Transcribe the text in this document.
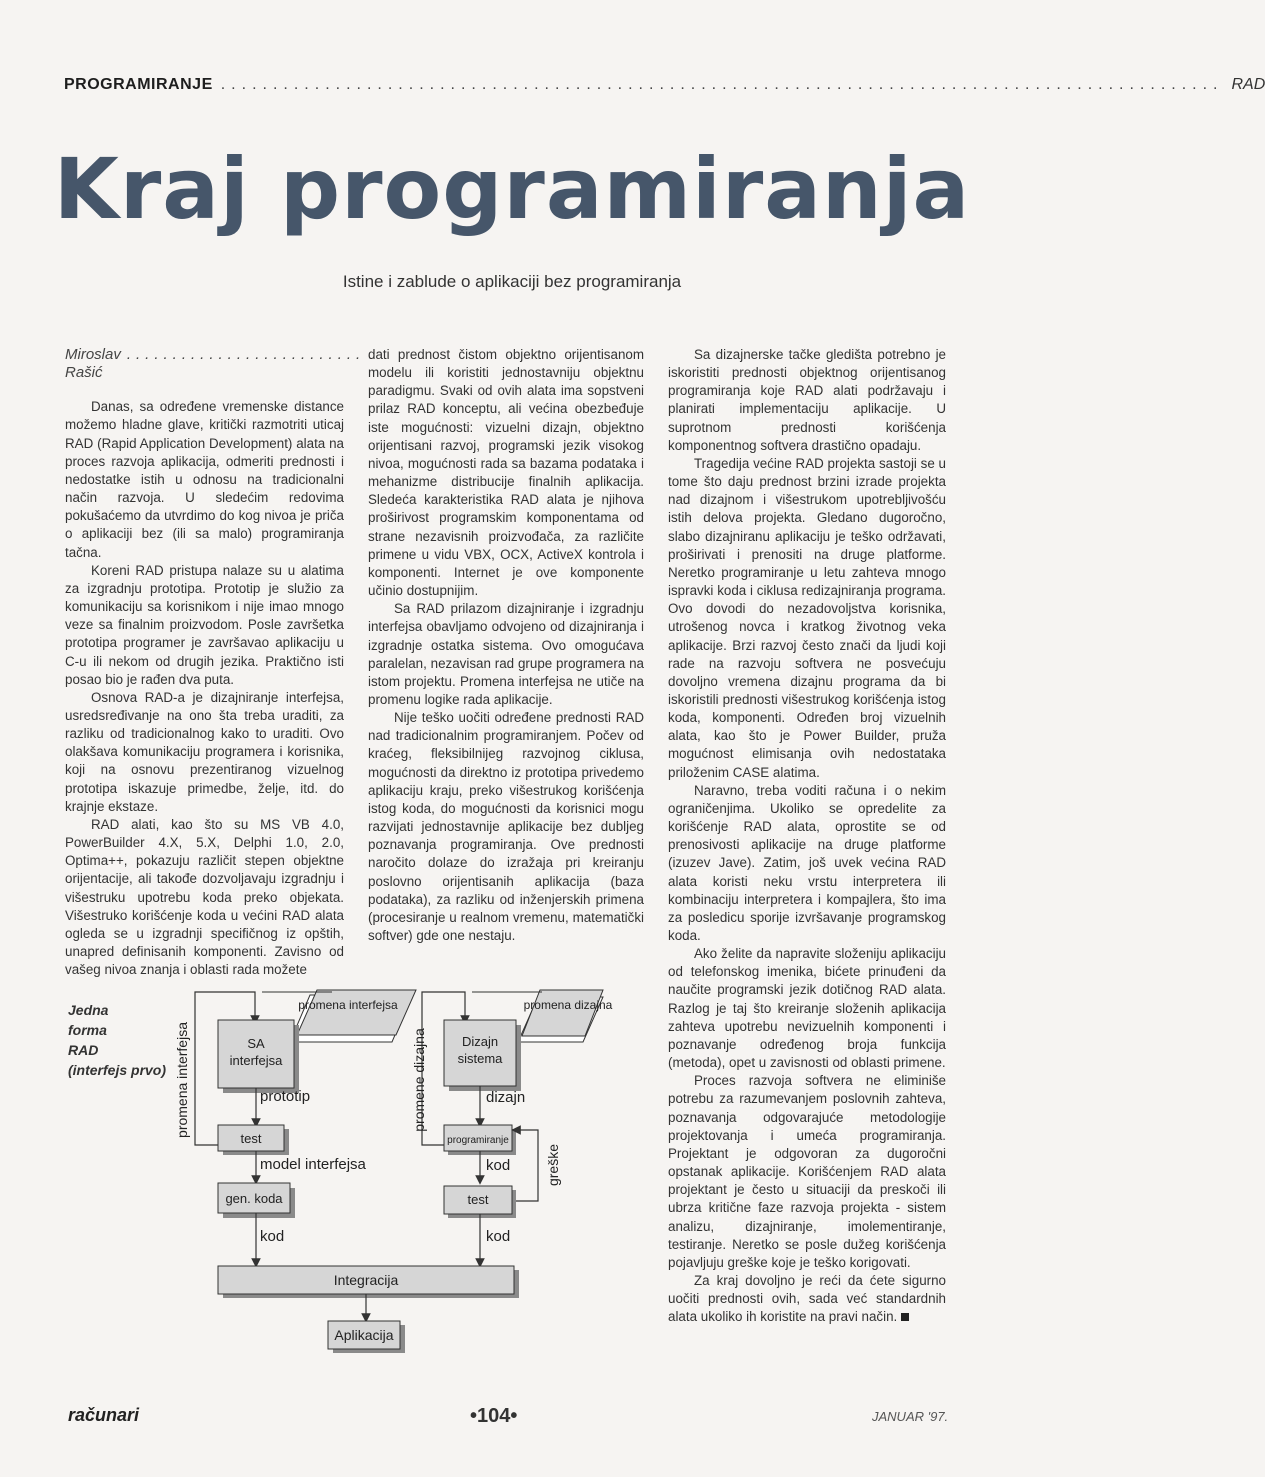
PROGRAMIRANJE ................................................................................................ RAD
Kraj programiranja
Istine i zablude o aplikaciji bez programiranja
Miroslav Rašić
..........................

Danas, sa određene vremenske distance možemo hladne glave, kritički razmotriti uticaj RAD (Rapid Application Development) alata na proces razvoja aplikacija, odmeriti prednosti i nedostatke istih u odnosu na tradicionalni način razvoja. U sledećim redovima pokušaćemo da utvrdimo do kog nivoa je priča o aplikaciji bez (ili sa malo) programiranja tačna.

Koreni RAD pristupa nalaze su u alatima za izgradnju prototipa. Prototip je služio za komunikaciju sa korisnikom i nije imao mnogo veze sa finalnim proizvodom. Posle završetka prototipa programer je završavao aplikaciju u C-u ili nekom od drugih jezika. Praktično isti posao bio je rađen dva puta.

Osnova RAD-a je dizajniranje interfejsa, usredsređivanje na ono šta treba uraditi, za razliku od tradicionalnog kako to uraditi. Ovo olakšava komunikaciju programera i korisnika, koji na osnovu prezentiranog vizuelnog prototipa iskazuje primedbe, želje, itd. do krajnje ekstaze.

RAD alati, kao što su MS VB 4.0, PowerBuilder 4.X, 5.X, Delphi 1.0, 2.0, Optima++, pokazuju različit stepen objektne orijentacije, ali takođe dozvoljavaju izgradnju i višestruku upotrebu koda preko objekata. Višestruko korišćenje koda u većini RAD alata ogleda se u izgradnji specifičnog iz opštih, unapred definisanih komponenti. Zavisno od vašeg nivoa znanja i oblasti rada možete

dati prednost čistom objektno orijentisanom modelu ili koristiti jednostavniju objektnu paradigmu. Svaki od ovih alata ima sopstveni prilaz RAD konceptu, ali većina obezbeđuje iste mogućnosti: vizuelni dizajn, objektno orijentisani razvoj, programski jezik visokog nivoa, mogućnosti rada sa bazama podataka i mehanizme distribucije finalnih aplikacija. Sledeća karakteristika RAD alata je njihova proširivost programskim komponentama od strane nezavisnih proizvođača, za različite primene u vidu VBX, OCX, ActiveX kontrola i komponenti. Internet je ove komponente učinio dostupnijim.

Sa RAD prilazom dizajniranje i izgradnju interfejsa obavljamo odvojeno od dizajniranja i izgradnje ostatka sistema. Ovo omogućava paralelan, nezavisan rad grupe programera na istom projektu. Promena interfejsa ne utiče na promenu logike rada aplikacije.

Nije teško uočiti određene prednosti RAD nad tradicionalnim programiranjem. Počev od kraćeg, fleksibilnijeg razvojnog ciklusa, mogućnosti da direktno iz prototipa privedemo aplikaciju kraju, preko višestrukog korišćenja istog koda, do mogućnosti da korisnici mogu razvijati jednostavnije aplikacije bez dubljeg poznavanja programiranja. Ove prednosti naročito dolaze do izražaja pri kreiranju poslovno orijentisanih aplikacija (baza podataka), za razliku od inženjerskih primena (procesiranje u realnom vremenu, matematički softver) gde one nestaju.

Sa dizajnerske tačke gledišta potrebno je iskoristiti prednosti objektnog orijentisanog programiranja koje RAD alati podržavaju i planirati implementaciju aplikacije. U suprotnom prednosti korišćenja komponentnog softvera drastično opadaju.

Tragedija većine RAD projekta sastoji se u tome što daju prednost brzini izrade projekta nad dizajnom i višestrukom upotrebljivošću istih delova projekta. Gledano dugoročno, slabo dizajniranu aplikaciju je teško održavati, proširivati i prenositi na druge platforme. Neretko programiranje u letu zahteva mnogo ispravki koda i ciklusa redizajniranja programa. Ovo dovodi do nezadovoljstva korisnika, utrošenog novca i kratkog životnog veka aplikacije. Brzi razvoj često znači da ljudi koji rade na razvoju softvera ne posvećuju dovoljno vremena dizajnu programa da bi iskoristili prednosti višestrukog korišćenja istog koda, komponenti. Određen broj vizuelnih alata, kao što je Power Builder, pruža mogućnost elimisanja ovih nedostataka priloženim CASE alatima.

Naravno, treba voditi računa i o nekim ograničenjima. Ukoliko se opredelite za korišćenje RAD alata, oprostite se od prenosivosti aplikacije na druge platforme (izuzev Jave). Zatim, još uvek većina RAD alata koristi neku vrstu interpretera ili kombinaciju interpretera i kompajlera, što ima za posledicu sporije izvršavanje programskog koda.

Ako želite da napravite složeniju aplikaciju od telefonskog imenika, bićete prinuđeni da naučite programski jezik dotičnog RAD alata. Razlog je taj što kreiranje složenih aplikacija zahteva upotrebu nevizuelnih komponenti i poznavanje određenog broja funkcija (metoda), opet u zavisnosti od oblasti primene.

Proces razvoja softvera ne eliminiše potrebu za razumevanjem poslovnih zahteva, poznavanja odgovarajuće metodologije projektovanja i umeća programiranja. Projektant je odgovoran za dugoročni opstanak aplikacije. Korišćenjem RAD alata projektant je često u situaciji da preskoči ili ubrza kritične faze razvoja projekta - sistem analizu, dizajniranje, imolementiranje, testiranje. Neretko se posle dužeg korišćenja pojavljuju greške koje je teško korigovati.

Za kraj dovoljno je reći da ćete sigurno uočiti prednosti ovih, sada već standardnih alata ukoliko ih koristite na pravi način.

Jedna
forma
RAD
(interfejs prvo) promena interfejsa
promena interfejsa
SA
interfejsa
prototip
test
model interfejsa
gen. koda
kod
promene dizajna
promena dizajna
Dizajn
sistema
dizajn
programiranje
kod greške
test
kod
Integracija
Aplikacija
računari	•104•	JANUAR '97.
